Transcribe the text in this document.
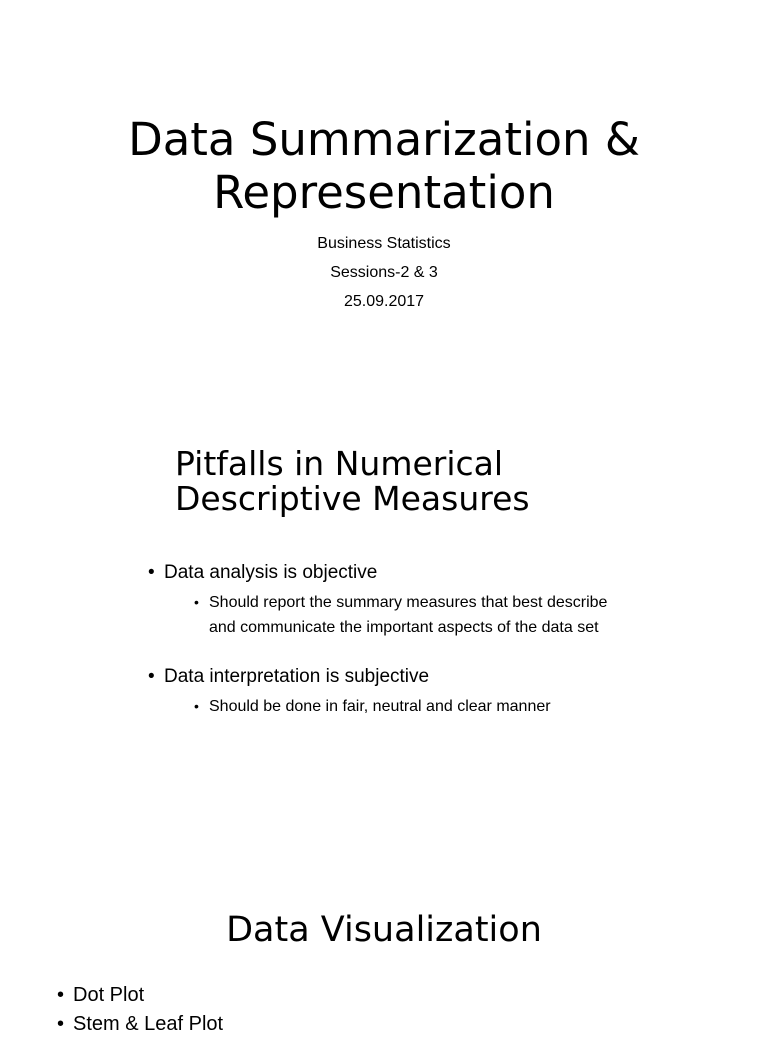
Data Summarization &
Representation
Business Statistics
Sessions-2 & 3
25.09.2017
Pitfalls in Numerical
Descriptive Measures
• Data analysis is objective
• Should report the summary measures that best describe
and communicate the important aspects of the data set
• Data interpretation is subjective
• Should be done in fair, neutral and clear manner
Data Visualization
• Dot Plot
• Stem & Leaf Plot
